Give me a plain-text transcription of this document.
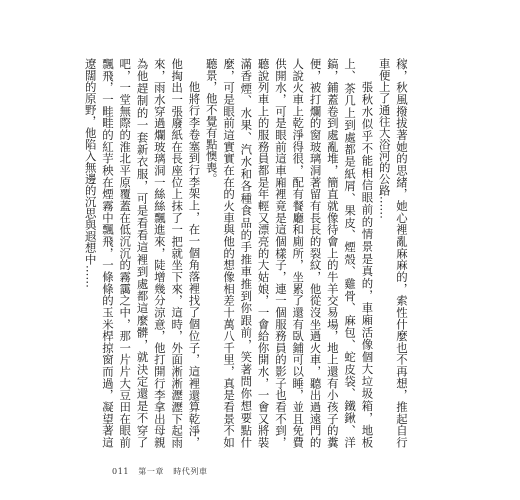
稼，秋風撥拔著她的思緒，她心裡亂麻麻的，索性什麼也不再想，推起自行車便上了通往大浴河的公路……

張秋水似乎不能相信眼前的情景是真的，車廂活像個大垃圾箱，地板上、茶几上到處都是紙屑、果皮、煙殼、雞骨、麻包、蛇皮袋、鐵鍬、洋鎬，鋪蓋卷到處亂堆，簡直就像待會上的牛羊交易場，地上還有小孩子的糞便，被打爛的窗玻璃洞著留有長長的裂紋，他從沒坐過火車，聽出過遠門的人說火車上乾淨得很，配有餐廳和廁所，坐累了還有臥鋪可以睡，並且免費供開水，可是眼前這車廂裡竟是這個樣子，連一個服務員的影子也看不到，聽說列車上的服務員都是年輕又漂亮的大姑娘，一會給你開水，一會又將裝滿香煙、水果、汽水和各種食品的手推車推到你跟前，笑著問你想要點什麼，可是眼前這實實在在的火車與他的想像相差十萬八千里，真是看景不如聽景，他不覺有點懊喪。

他將行李卷塞到行李架上，在一個角落裡找了個位子，這裡還算乾淨，他掏出一張廢紙在長座位上抹了一把就坐下來，這時，外面淅淅瀝瀝下起雨來，雨水穿過爛玻璃洞一絲絲飄進來，陡增幾分涼意，他打開行李拿出母親為他趕制的一套新衣服，可是看看這裡到處都這麼髒，就決定還是不穿了吧，一堂無際的淮北平原覆蓋在低沉沉的霧靄之中，那一片片大豆田在眼前飄飛，一畦畦的紅芋秧在煙霧中飄飛，一條條的玉米桿掠窗而過，凝望著這遼闊的原野，他陷入無邊的沉思與遐想中……

011 第一章 時代列車
